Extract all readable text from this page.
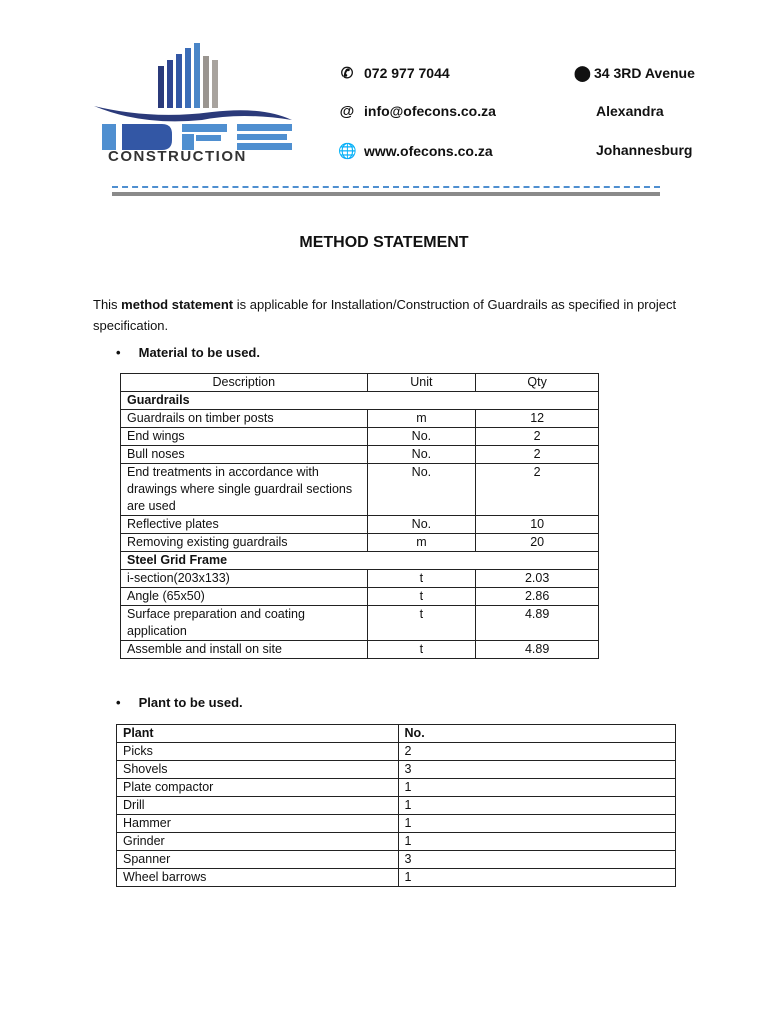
CONSTRUCTION
✆ 072 977 7044
@ info@ofecons.co.za
🌐 www.ofecons.co.za
⬤ 34 3RD Avenue
Alexandra
Johannesburg
METHOD STATEMENT
This method statement is applicable for Installation/Construction of Guardrails as specified in project specification.
•     Material to be used.
Description	Unit	Qty
Guardrails		
Guardrails on timber posts	m	12
End wings	No.	2
Bull noses	No.	2
End treatments in accordance with drawings where single guardrail sections are used	No.	2
Reflective plates	No.	10
Removing existing guardrails	m	20
Steel Grid Frame		
i-section(203x133)	t	2.03
Angle (65x50)	t	2.86
Surface preparation and coating application	t	4.89
Assemble and install on site	t	4.89
•     Plant to be used.
Plant	No.
Picks	2
Shovels	3
Plate compactor	1
Drill	1
Hammer	1
Grinder	1
Spanner	3
Wheel barrows	1
